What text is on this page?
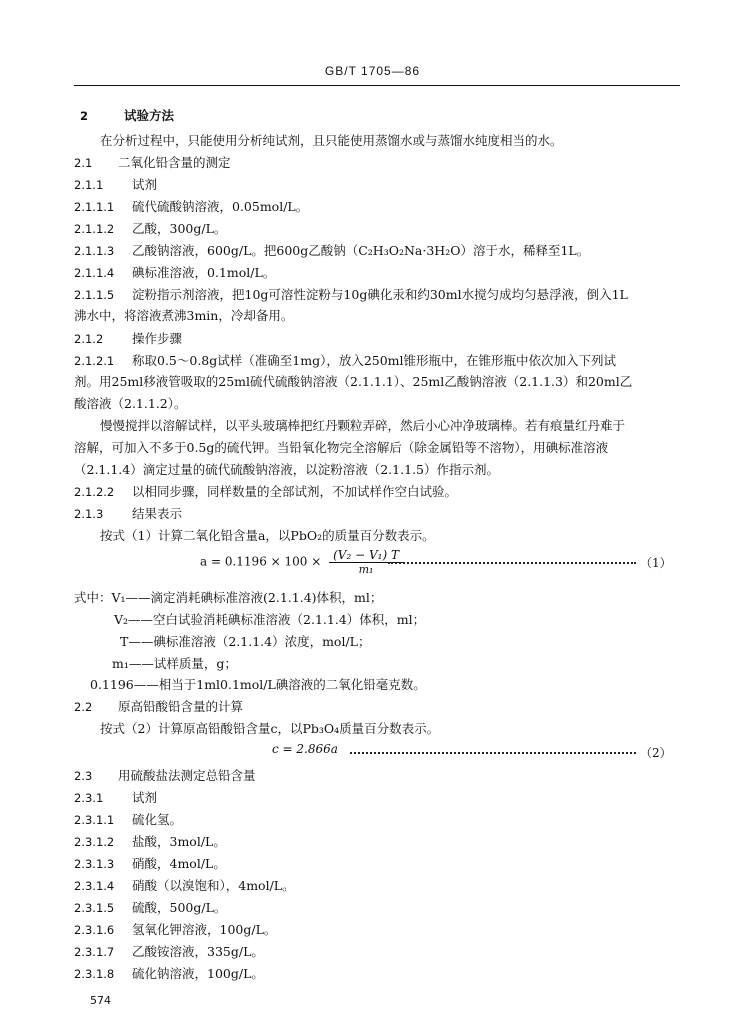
GB/T 1705—86
2	试验方法
在分析过程中，只能使用分析纯试剂，且只能使用蒸馏水或与蒸馏水纯度相当的水。
2.1 二氧化铅含量的测定
2.1.1 试剂
2.1.1.1 硫代硫酸钠溶液，0.05mol/L。
2.1.1.2 乙酸，300g/L。
2.1.1.3 乙酸钠溶液，600g/L。把600g乙酸钠（C₂H₃O₂Na·3H₂O）溶于水，稀释至1L。
2.1.1.4 碘标准溶液，0.1mol/L。
2.1.1.5 淀粉指示剂溶液，把10g可溶性淀粉与10g碘化汞和约30ml水搅匀成均匀悬浮液，倒入1L
沸水中，将溶液煮沸3min，冷却备用。
2.1.2 操作步骤
2.1.2.1 称取0.5～0.8g试样（准确至1mg），放入250ml锥形瓶中，在锥形瓶中依次加入下列试
剂。用25ml移液管吸取的25ml硫代硫酸钠溶液（2.1.1.1）、25ml乙酸钠溶液（2.1.1.3）和20ml乙
酸溶液（2.1.1.2）。
慢慢搅拌以溶解试样，以平头玻璃棒把红丹颗粒弄碎，然后小心冲净玻璃棒。若有痕量红丹难于
溶解，可加入不多于0.5g的硫代钾。当铅氧化物完全溶解后（除金属铅等不溶物），用碘标准溶液
（2.1.1.4）滴定过量的硫代硫酸钠溶液，以淀粉溶液（2.1.1.5）作指示剂。
2.1.2.2 以相同步骤，同样数量的全部试剂，不加试样作空白试验。
2.1.3 结果表示
按式（1）计算二氧化铅含量a，以PbO₂的质量百分数表示。
$a = 0.1196 \times 100 \times \frac{\text{(V₂ − V₁) T}}{\text{m₁}}$	（1）
式中：V₁——滴定消耗碘标准溶液(2.1.1.4)体积，ml；
V₂——空白试验消耗碘标准溶液（2.1.1.4）体积，ml；
T——碘标准溶液（2.1.1.4）浓度，mol/L；
m₁——试样质量，g；
0.1196——相当于1ml0.1mol/L碘溶液的二氧化铅毫克数。
2.2 原高铅酸铅含量的计算
按式（2）计算原高铅酸铅含量c，以Pb₃O₄质量百分数表示。
c = 2.866a	（2）
2.3 用硫酸盐法测定总铅含量
2.3.1 试剂
2.3.1.1 硫化氢。
2.3.1.2 盐酸，3mol/L。
2.3.1.3 硝酸，4mol/L。
2.3.1.4 硝酸（以溴饱和），4mol/L。
2.3.1.5 硫酸，500g/L。
2.3.1.6 氢氧化钾溶液，100g/L。
2.3.1.7 乙酸铵溶液，335g/L。
2.3.1.8 硫化钠溶液，100g/L。
574
